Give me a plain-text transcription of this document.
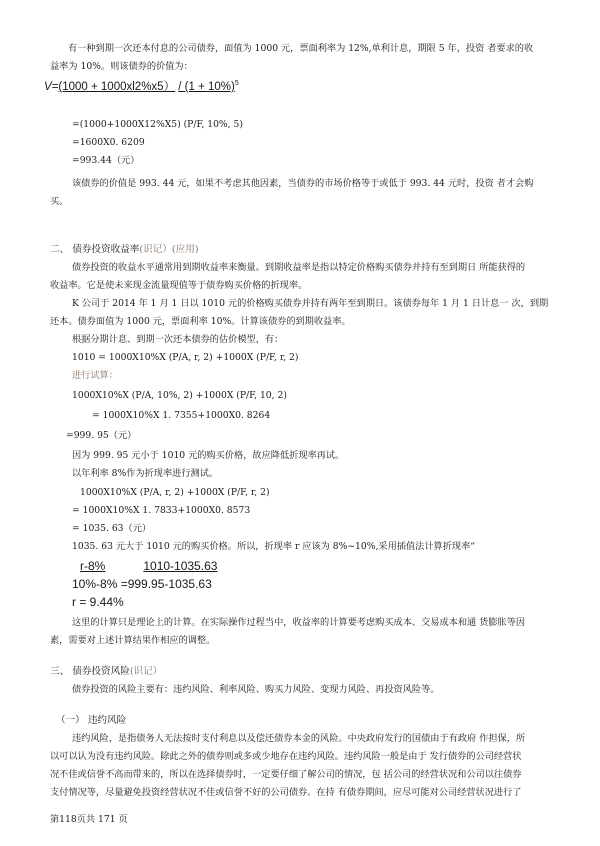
有一种到期一次还本付息的公司债券，面值为 1000 元，票面利率为 12%,单利计息，期限 5 年，投资 者要求的收
益率为 10%。则该债券的价值为：
$V=(1000 + 1000xl2\%x5) / (1 + 10\%)^5$
=(1000+1000X12%X5) (P/F, 10%, 5)
=1600X0. 6209
=993.44（元）
该债券的价值是 993. 44 元，如果不考虑其他因素，当债券的市场价格等于或低于 993. 44 元时，投资 者才会购
买。
二、 债券投资收益率(识记）(应用)
债券投资的收益水平通常用到期收益率来衡量。到期收益率是指以特定价格购买债券并持有至到期日 所能获得的
收益率。它是使未来现金流量现值等于债券购买价格的折现率。
K 公司于 2014 年 1 月 1 日以 1010 元的价格购买债券并持有两年至到期日。该债券每年 1 月 1 日计息一 次，到期
还本。债券面值为 1000 元，票面利率 10%。计算该债券的到期收益率。
根据分期计息、到期一次还本债券的估价模型，有：
1010 = 1000X10%X (P/A, r, 2) +1000X (P/F, r, 2)
进行试算：
1000X10%X (P/A, 10%, 2) +1000X (P/F, 10, 2)
= 1000X10%X 1. 7355+1000X0. 8264
=999. 95（元）
因为 999. 95 元小于 1010 元的购买价格，故应降低折现率再试。
以年利率 8%作为折现率进行测试。
1000X10%X (P/A, r, 2) +1000X (P/F, r, 2)
= 1000X10%X 1. 7833+1000X0. 8573
= 1035. 63（元）
1035. 63 元大于 1010 元的购买价格。所以，折现率 r 应该为 8%~10%,采用插值法计算折现率“
r-8%	1010-1035.63
10%-8% =999.95-1035.63
r = 9.44%
这里的计算只是理论上的计算。在实际操作过程当中，收益率的计算要考虑购买成本、交易成本和通 货膨胀等因
素，需要对上述计算结果作相应的调整。
三、 债券投资风险(识记）
债券投资的风险主要有：违约风险、利率风险、购买力风险、变现力风险、再投资风险等。
（一） 违约风险
违约风险，是指债务人无法按时支付利息以及偿还债券本金的风险。中央政府发行的国债由于有政府 作担保，所
以可以认为没有违约风险。除此之外的债券则或多或少地存在违约风险。违约风险一般是由于 发行债券的公司经营状
况不佳或信誉不高而带来的，所以在选择债券时，一定要仔细了解公司的情况，包 括公司的经营状况和公司以往债券
支付情况等，尽量避免投资经营状况不佳或信誉不好的公司债券。在持 有债券期间，应尽可能对公司经营状况进行了
第118页共 171 页
